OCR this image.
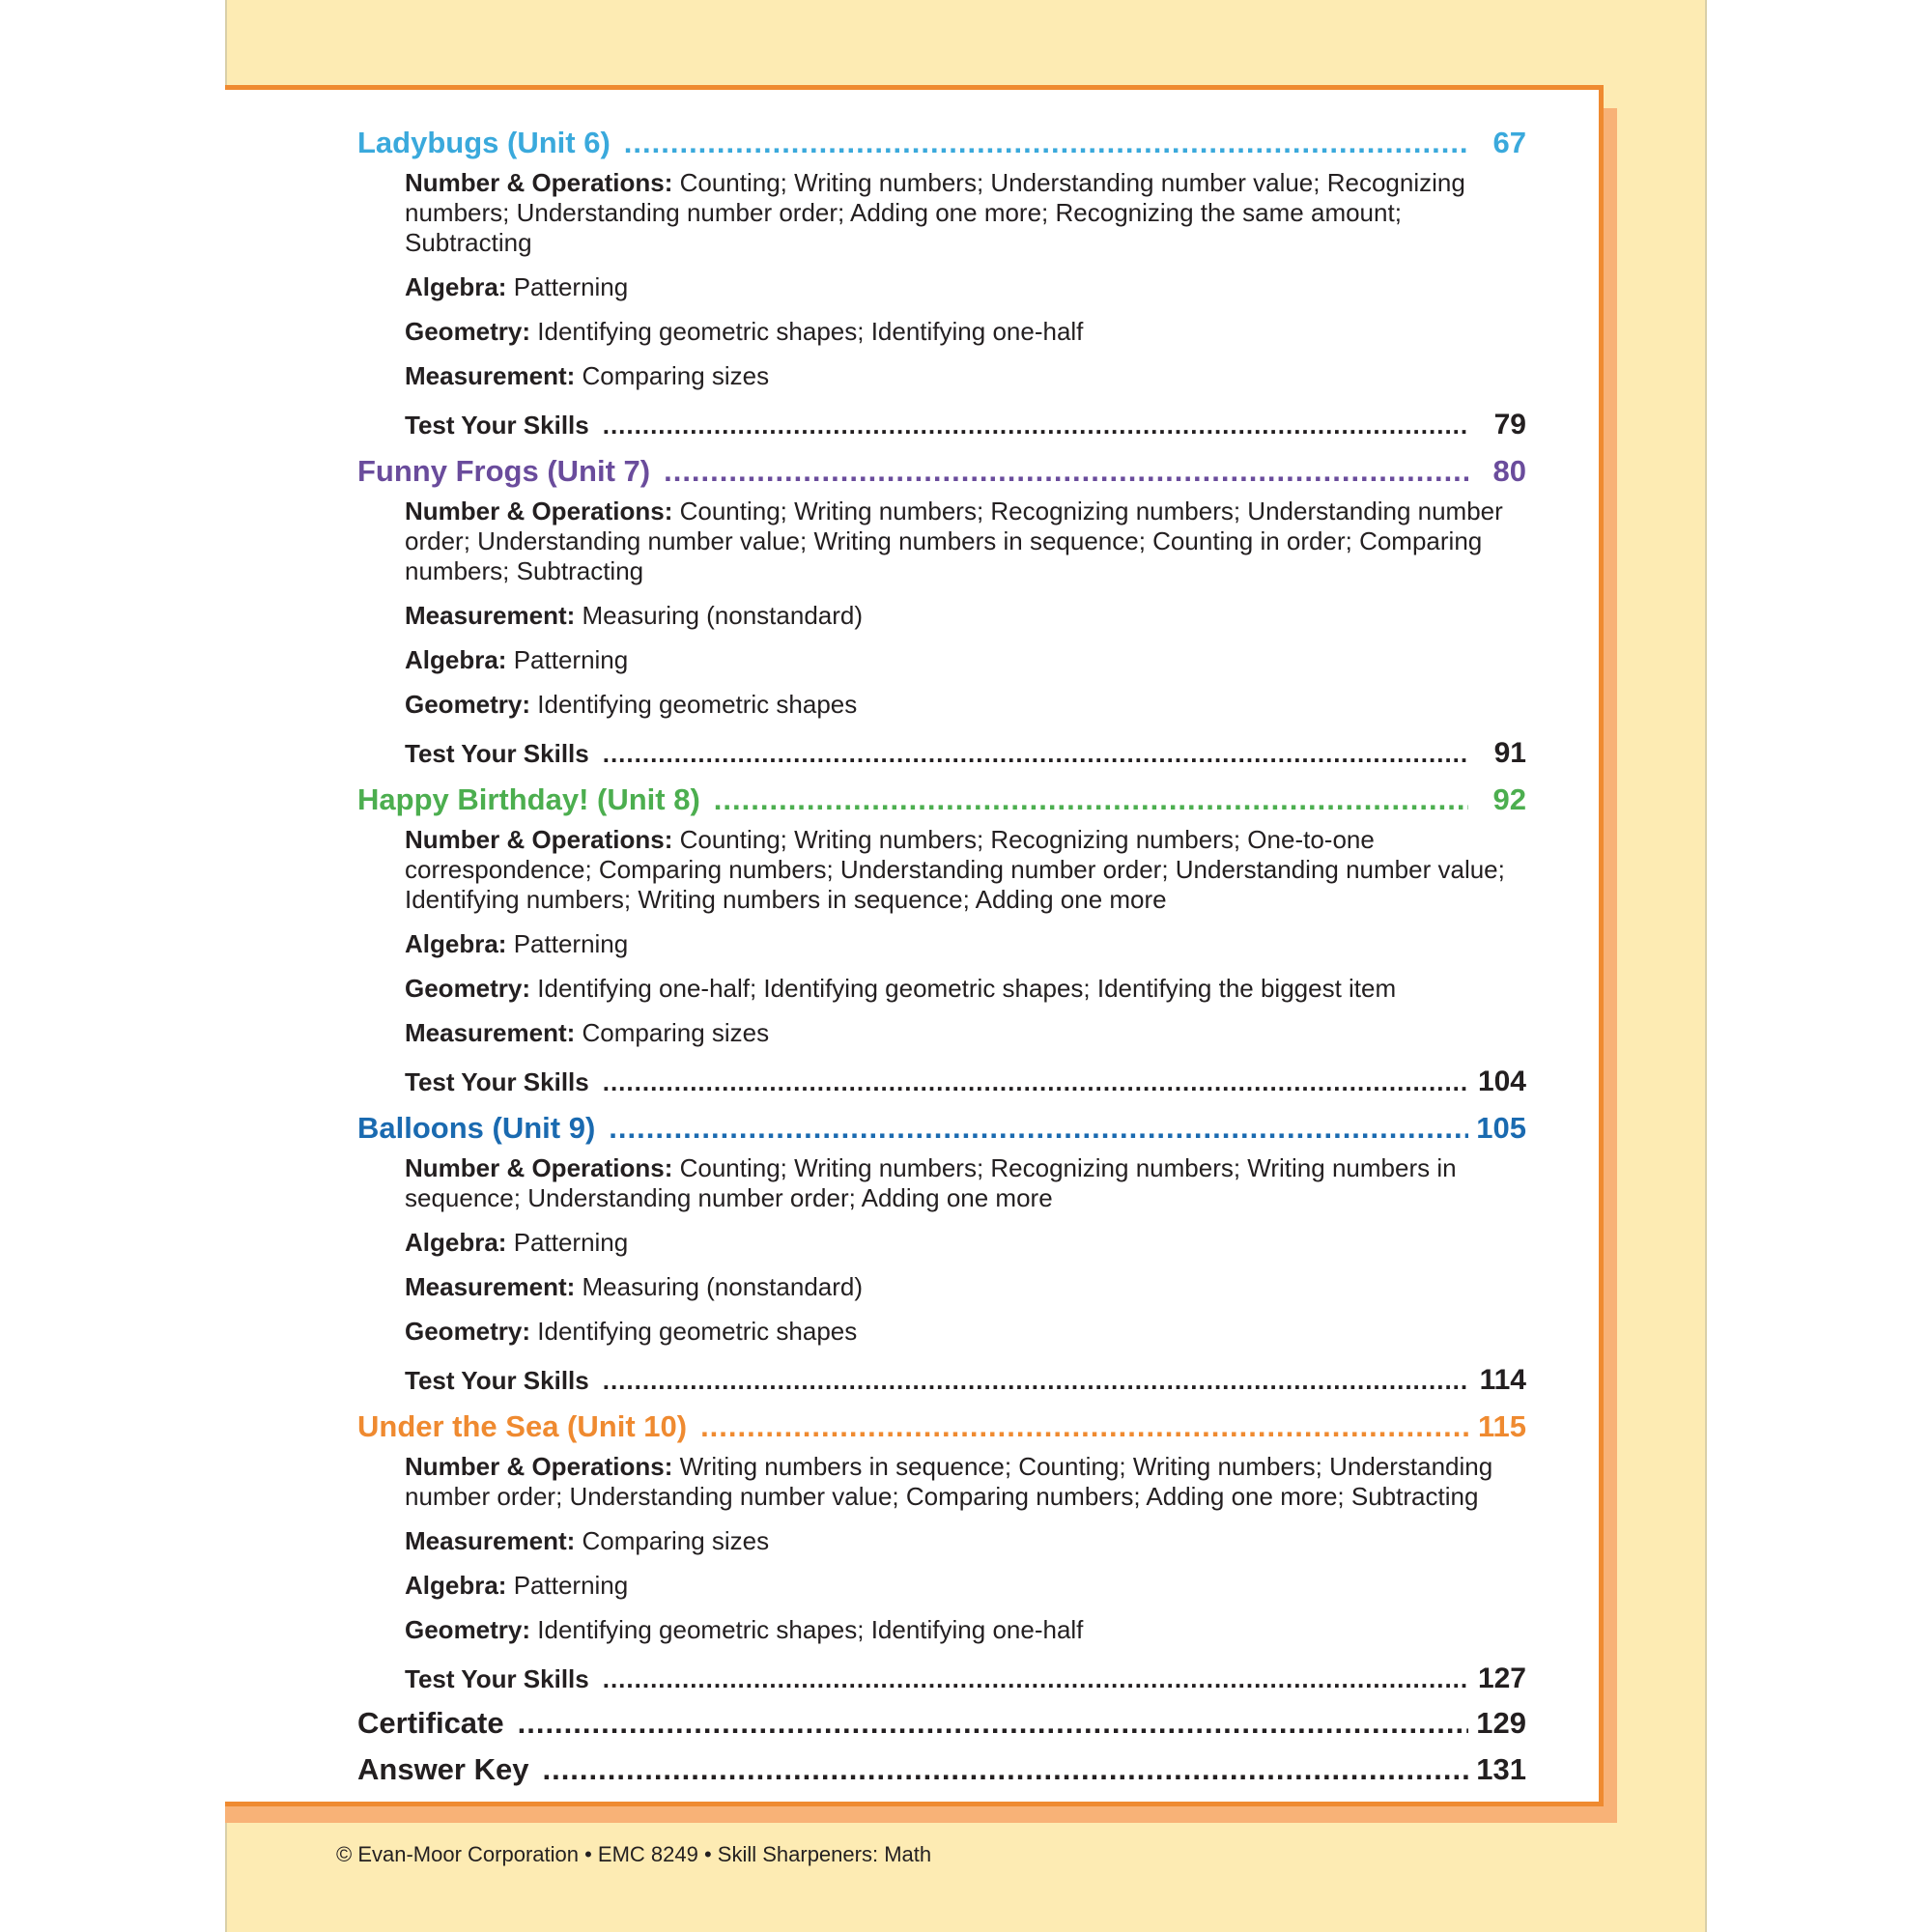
Ladybugs (Unit 6) .....	67

Number & Operations: Counting; Writing numbers; Understanding number value; Recognizing numbers; Understanding number order; Adding one more; Recognizing the same amount; Subtracting

Algebra: Patterning

Geometry: Identifying geometric shapes; Identifying one-half

Measurement: Comparing sizes

Test Your Skills .....	79
Funny Frogs (Unit 7) .....	80

Number & Operations: Counting; Writing numbers; Recognizing numbers; Understanding number order; Understanding number value; Writing numbers in sequence; Counting in order; Comparing numbers; Subtracting

Measurement: Measuring (nonstandard)

Algebra: Patterning

Geometry: Identifying geometric shapes

Test Your Skills .....	91
Happy Birthday! (Unit 8) .....	92

Number & Operations: Counting; Writing numbers; Recognizing numbers; One-to-one correspondence; Comparing numbers; Understanding number order; Understanding number value; Identifying numbers; Writing numbers in sequence; Adding one more

Algebra: Patterning

Geometry: Identifying one-half; Identifying geometric shapes; Identifying the biggest item

Measurement: Comparing sizes

Test Your Skills .....	104
Balloons (Unit 9) .....	105

Number & Operations: Counting; Writing numbers; Recognizing numbers; Writing numbers in sequence; Understanding number order; Adding one more

Algebra: Patterning

Measurement: Measuring (nonstandard)

Geometry: Identifying geometric shapes

Test Your Skills .....	114
Under the Sea (Unit 10) .....	115

Number & Operations: Writing numbers in sequence; Counting; Writing numbers; Understanding number order; Understanding number value; Comparing numbers; Adding one more; Subtracting

Measurement: Comparing sizes

Algebra: Patterning

Geometry: Identifying geometric shapes; Identifying one-half

Test Your Skills .....	127
Certificate .....	129
Answer Key .....	131
© Evan-Moor Corporation • EMC 8249 • Skill Sharpeners: Math
